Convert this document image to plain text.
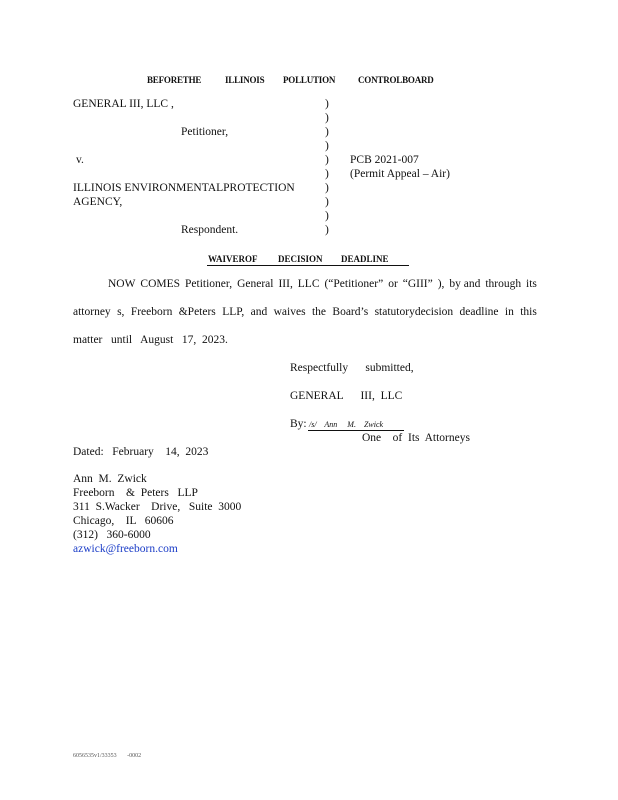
BEFORETHE	ILLINOIS POLLUTION	CONTROLBOARD
GENERAL III, LLC ,
Petitioner,
v.
ILLINOIS ENVIRONMENTALPROTECTION
AGENCY,
Respondent.
)
)
)
)
)
)
)
)
)
)
PCB 2021-007
(Permit Appeal – Air)
WAIVEROF DECISION DEADLINE
NOW COMES Petitioner, General III, LLC (“Petitioner” or “GIII” ), by and through its
attorney s, Freeborn &Peters LLP, and waives the Board’s statutorydecision deadline in this
matter   until   August   17,  2023.
Respectfully      submitted,
GENERAL      III,  LLC
By: /s/    Ann     M.    Zwick
One    of  Its  Attorneys
Dated:   February    14,  2023
Ann  M.  Zwick
Freeborn    &  Peters   LLP
311  S.Wacker    Drive,   Suite  3000
Chicago,    IL   60606
(312)   360-6000
azwick@freeborn.com
6056535v1/33353       -0002
